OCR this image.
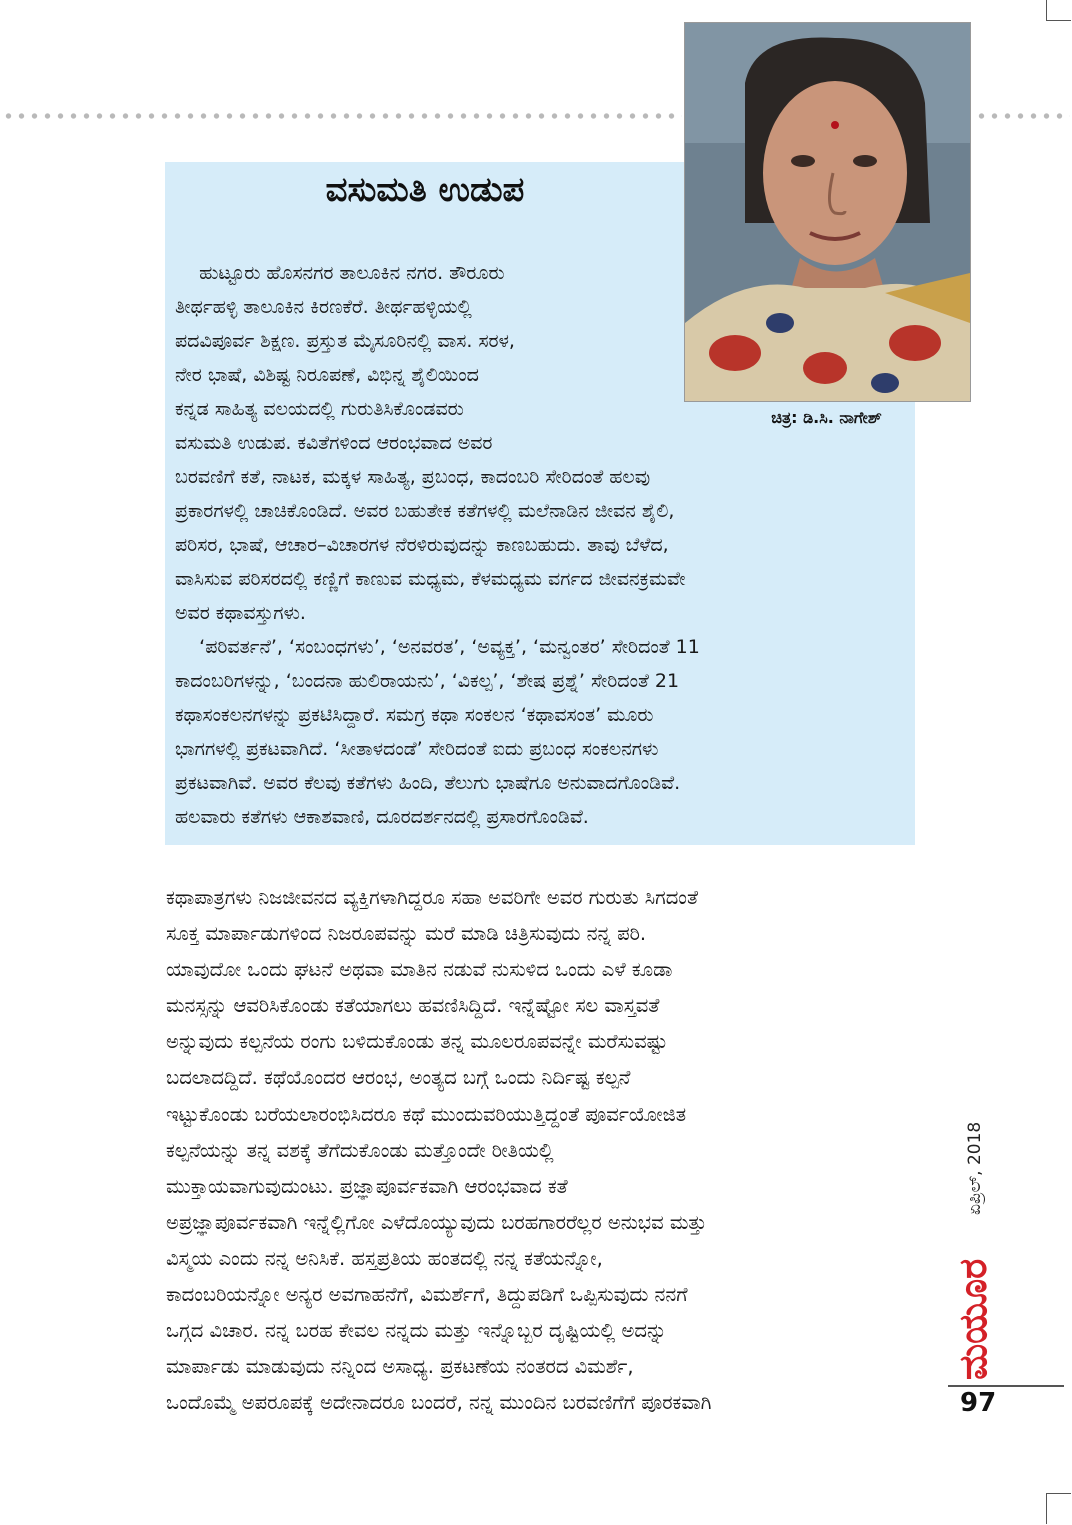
ವಸುಮತಿ ಉಡುಪ
ಹುಟ್ಟೂರು ಹೊಸನಗರ ತಾಲೂಕಿನ ನಗರ. ತೌರೂರು
ತೀರ್ಥಹಳ್ಳಿ ತಾಲೂಕಿನ ಕಿರಣಕೆರೆ. ತೀರ್ಥಹಳ್ಳಿಯಲ್ಲಿ
ಪದವಿಪೂರ್ವ ಶಿಕ್ಷಣ. ಪ್ರಸ್ತುತ ಮೈಸೂರಿನಲ್ಲಿ ವಾಸ. ಸರಳ,
ನೇರ ಭಾಷೆ, ವಿಶಿಷ್ಟ ನಿರೂಪಣೆ, ವಿಭಿನ್ನ ಶೈಲಿಯಿಂದ
ಕನ್ನಡ ಸಾಹಿತ್ಯ ವಲಯದಲ್ಲಿ ಗುರುತಿಸಿಕೊಂಡವರು
ವಸುಮತಿ ಉಡುಪ. ಕವಿತೆಗಳಿಂದ ಆರಂಭವಾದ ಅವರ
ಬರವಣಿಗೆ ಕತೆ, ನಾಟಕ, ಮಕ್ಕಳ ಸಾಹಿತ್ಯ, ಪ್ರಬಂಧ, ಕಾದಂಬರಿ ಸೇರಿದಂತೆ ಹಲವು
ಪ್ರಕಾರಗಳಲ್ಲಿ ಚಾಚಿಕೊಂಡಿದೆ. ಅವರ ಬಹುತೇಕ ಕತೆಗಳಲ್ಲಿ ಮಲೆನಾಡಿನ ಜೀವನ ಶೈಲಿ,
ಪರಿಸರ, ಭಾಷೆ, ಆಚಾರ–ವಿಚಾರಗಳ ನೆರಳಿರುವುದನ್ನು ಕಾಣಬಹುದು. ತಾವು ಬೆಳೆದ,
ವಾಸಿಸುವ ಪರಿಸರದಲ್ಲಿ ಕಣ್ಣಿಗೆ ಕಾಣುವ ಮಧ್ಯಮ, ಕೆಳಮಧ್ಯಮ ವರ್ಗದ ಜೀವನಕ್ರಮವೇ
ಅವರ ಕಥಾವಸ್ತುಗಳು.
‘ಪರಿವರ್ತನೆ’, ‘ಸಂಬಂಧಗಳು’, ‘ಅನವರತ’, ‘ಅವ್ಯಕ್ತ’, ‘ಮನ್ವಂತರ’ ಸೇರಿದಂತೆ 11
ಕಾದಂಬರಿಗಳನ್ನು, ‘ಬಂದನಾ ಹುಲಿರಾಯನು’, ‘ವಿಕಲ್ಪ’, ‘ಶೇಷ ಪ್ರಶ್ನೆ’ ಸೇರಿದಂತೆ 21
ಕಥಾಸಂಕಲನಗಳನ್ನು ಪ್ರಕಟಿಸಿದ್ದಾರೆ. ಸಮಗ್ರ ಕಥಾ ಸಂಕಲನ ‘ಕಥಾವಸಂತ’ ಮೂರು
ಭಾಗಗಳಲ್ಲಿ ಪ್ರಕಟವಾಗಿದೆ. ‘ಸೀತಾಳದಂಡೆ’ ಸೇರಿದಂತೆ ಐದು ಪ್ರಬಂಧ ಸಂಕಲನಗಳು
ಪ್ರಕಟವಾಗಿವೆ. ಅವರ ಕೆಲವು ಕತೆಗಳು ಹಿಂದಿ, ತೆಲುಗು ಭಾಷೆಗೂ ಅನುವಾದಗೊಂಡಿವೆ.
ಹಲವಾರು ಕತೆಗಳು ಆಕಾಶವಾಣಿ, ದೂರದರ್ಶನದಲ್ಲಿ ಪ್ರಸಾರಗೊಂಡಿವೆ.
ಚಿತ್ರ: ಡಿ.ಸಿ. ನಾಗೇಶ್
ಕಥಾಪಾತ್ರಗಳು ನಿಜಜೀವನದ ವ್ಯಕ್ತಿಗಳಾಗಿದ್ದರೂ ಸಹಾ ಅವರಿಗೇ ಅವರ ಗುರುತು ಸಿಗದಂತೆ
ಸೂಕ್ತ ಮಾರ್ಪಾಡುಗಳಿಂದ ನಿಜರೂಪವನ್ನು ಮರೆ ಮಾಡಿ ಚಿತ್ರಿಸುವುದು ನನ್ನ ಪರಿ.
ಯಾವುದೋ ಒಂದು ಘಟನೆ ಅಥವಾ ಮಾತಿನ ನಡುವೆ ನುಸುಳಿದ ಒಂದು ಎಳೆ ಕೂಡಾ
ಮನಸ್ಸನ್ನು ಆವರಿಸಿಕೊಂಡು ಕತೆಯಾಗಲು ಹವಣಿಸಿದ್ದಿದೆ. ಇನ್ನೆಷ್ಟೋ ಸಲ ವಾಸ್ತವತೆ
ಅನ್ನುವುದು ಕಲ್ಪನೆಯ ರಂಗು ಬಳಿದುಕೊಂಡು ತನ್ನ ಮೂಲರೂಪವನ್ನೇ ಮರೆಸುವಷ್ಟು
ಬದಲಾದದ್ದಿದೆ. ಕಥೆಯೊಂದರ ಆರಂಭ, ಅಂತ್ಯದ ಬಗ್ಗೆ ಒಂದು ನಿರ್ದಿಷ್ಟ ಕಲ್ಪನೆ
ಇಟ್ಟುಕೊಂಡು ಬರೆಯಲಾರಂಭಿಸಿದರೂ ಕಥೆ ಮುಂದುವರಿಯುತ್ತಿದ್ದಂತೆ ಪೂರ್ವಯೋಜಿತ
ಕಲ್ಪನೆಯನ್ನು ತನ್ನ ವಶಕ್ಕೆ ತೆಗೆದುಕೊಂಡು ಮತ್ತೊಂದೇ ರೀತಿಯಲ್ಲಿ
ಮುಕ್ತಾಯವಾಗುವುದುಂಟು. ಪ್ರಜ್ಞಾಪೂರ್ವಕವಾಗಿ ಆರಂಭವಾದ ಕತೆ
ಅಪ್ರಜ್ಞಾಪೂರ್ವಕವಾಗಿ ಇನ್ನೆಲ್ಲಿಗೋ ಎಳೆದೊಯ್ಯುವುದು ಬರಹಗಾರರೆಲ್ಲರ ಅನುಭವ ಮತ್ತು
ವಿಸ್ಮಯ ಎಂದು ನನ್ನ ಅನಿಸಿಕೆ. ಹಸ್ತಪ್ರತಿಯ ಹಂತದಲ್ಲಿ ನನ್ನ ಕತೆಯನ್ನೋ,
ಕಾದಂಬರಿಯನ್ನೋ ಅನ್ಯರ ಅವಗಾಹನೆಗೆ, ವಿಮರ್ಶೆಗೆ, ತಿದ್ದುಪಡಿಗೆ ಒಪ್ಪಿಸುವುದು ನನಗೆ
ಒಗ್ಗದ ವಿಚಾರ. ನನ್ನ ಬರಹ ಕೇವಲ ನನ್ನದು ಮತ್ತು ಇನ್ನೊಬ್ಬರ ದೃಷ್ಟಿಯಲ್ಲಿ ಅದನ್ನು
ಮಾರ್ಪಾಡು ಮಾಡುವುದು ನನ್ನಿಂದ ಅಸಾಧ್ಯ. ಪ್ರಕಟಣೆಯ ನಂತರದ ವಿಮರ್ಶೆ,
ಒಂದೊಮ್ಮೆ ಅಪರೂಪಕ್ಕೆ ಅದೇನಾದರೂ ಬಂದರೆ, ನನ್ನ ಮುಂದಿನ ಬರವಣಿಗೆಗೆ ಪೂರಕವಾಗಿ
ಏಪ್ರಿಲ್, 2018
ಮಯೂರ
97
